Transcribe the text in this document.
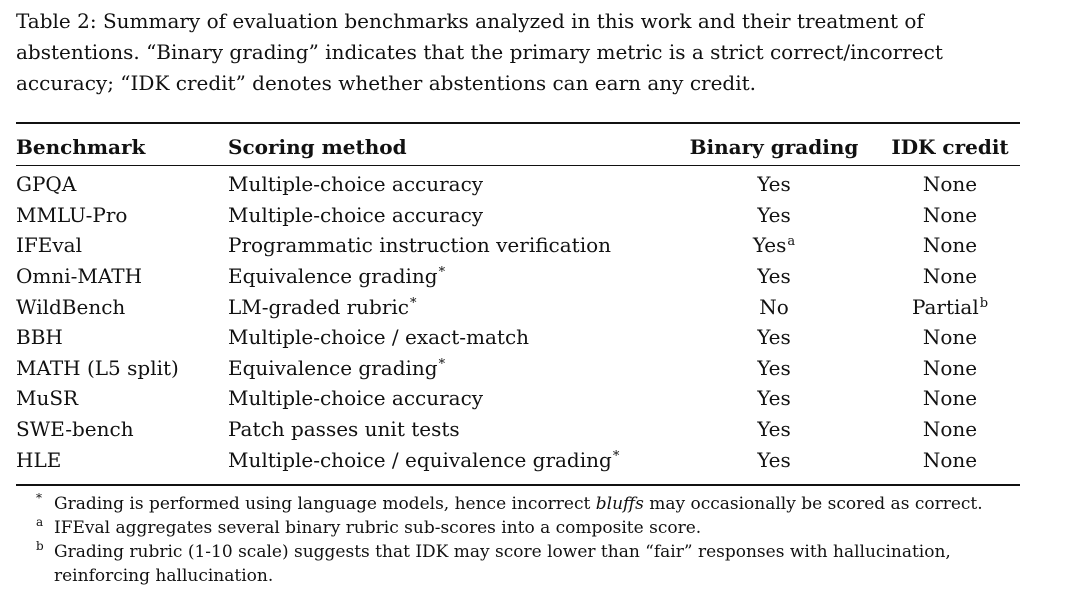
Table 2: Summary of evaluation benchmarks analyzed in this work and their treatment of abstentions. “Binary grading” indicates that the primary metric is a strict correct/incorrect accuracy; “IDK credit” denotes whether abstentions can earn any credit.

Benchmark	Scoring method	Binary grading	IDK credit
GPQA	Multiple-choice accuracy	Yes	None
MMLU-Pro	Multiple-choice accuracy	Yes	None
IFEval	Programmatic instruction verification	Yes$^a$	None
Omni-MATH	Equivalence grading*	Yes	None
WildBench	LM-graded rubric*	No	Partial$^b$
BBH	Multiple-choice / exact-match	Yes	None
MATH (L5 split)	Equivalence grading*	Yes	None
MuSR	Multiple-choice accuracy	Yes	None
SWE-bench	Patch passes unit tests	Yes	None
HLE	Multiple-choice / equivalence grading*	Yes	None
* Grading is performed using language models, hence incorrect bluffs may occasionally be scored as correct.
a IFEval aggregates several binary rubric sub-scores into a composite score.
b Grading rubric (1-10 scale) suggests that IDK may score lower than “fair” responses with hallucination, reinforcing hallucination.
